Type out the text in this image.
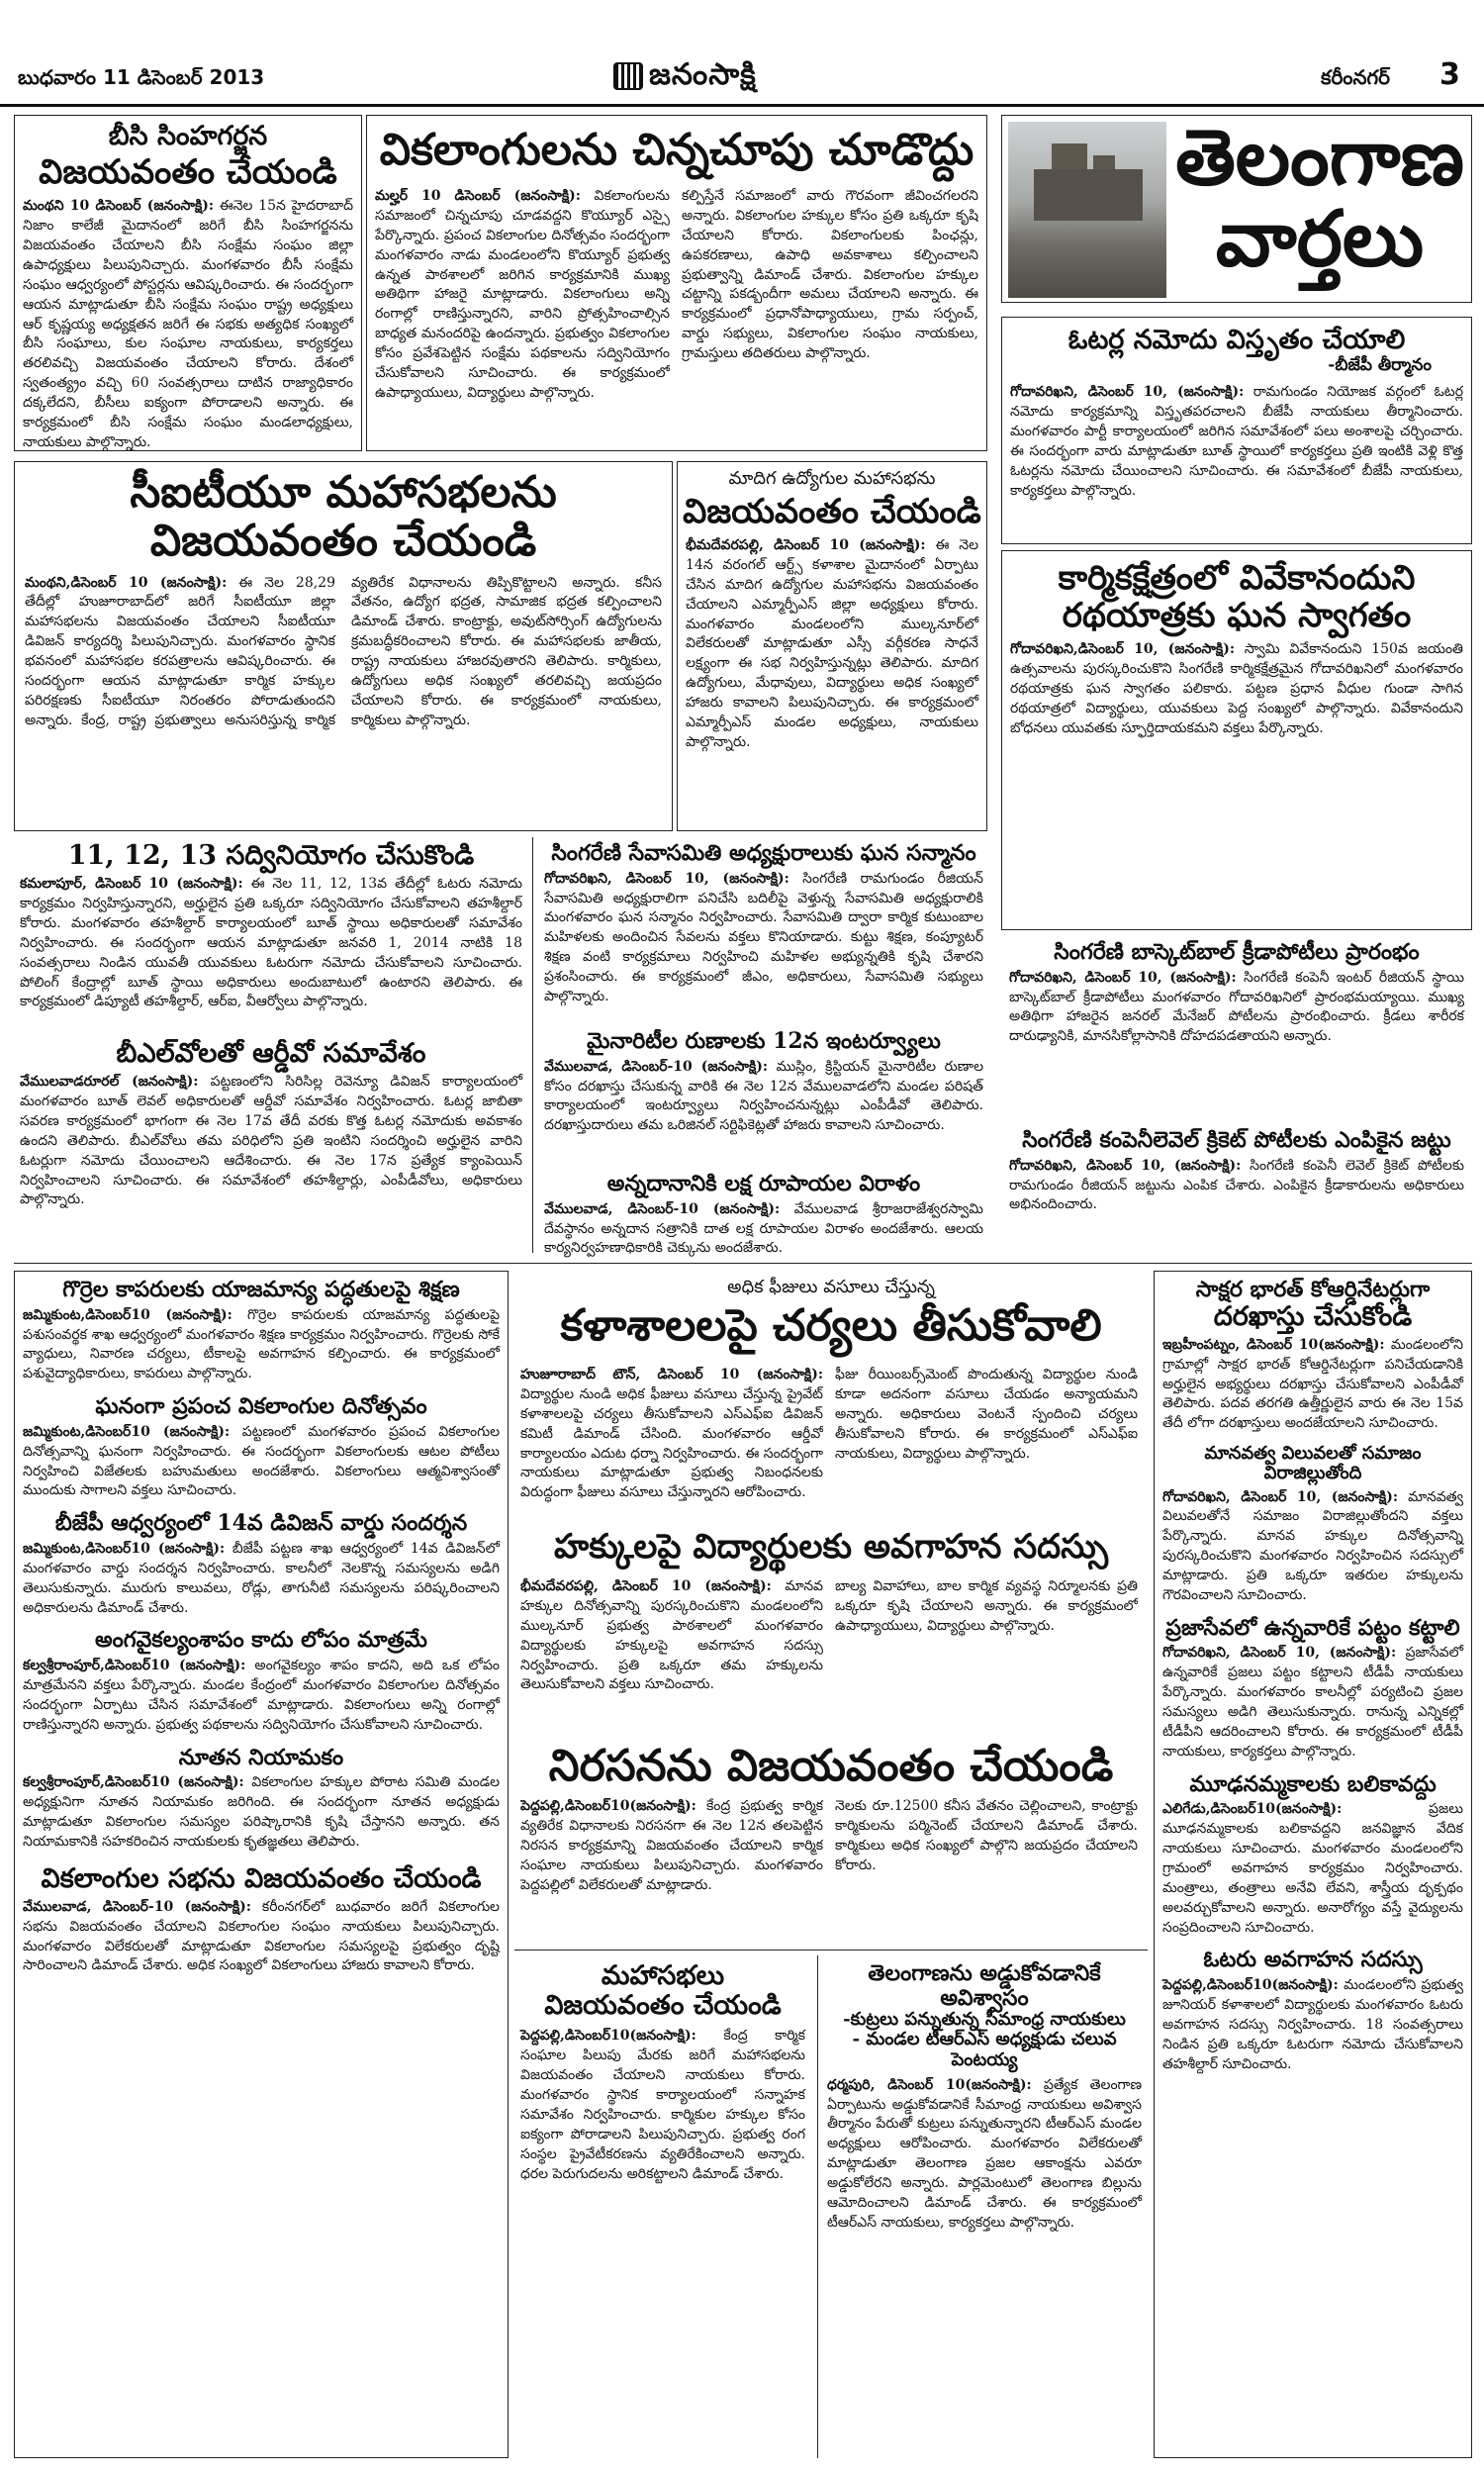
బుధవారం 11 డిసెంబర్ 2013	జనంసాక్షి	కరీంనగర్ 3
బీసి సింహగర్జన
విజయవంతం చేయండి
మంథని 10 డిసెంబర్ (జనంసాక్షి): ఈనెల 15న హైదరాబాద్ నిజాం కాలేజీ మైదానంలో జరిగే బీసి సింహగర్జనను విజయవంతం చేయాలని బీసి సంక్షేమ సంఘం జిల్లా ఉపాధ్యక్షులు పిలుపునిచ్చారు. మంగళవారం బీసీ సంక్షేమ సంఘం ఆధ్వర్యంలో పోస్టర్లను ఆవిష్కరించారు. ఈ సందర్భంగా ఆయన మాట్లాడుతూ బీసి సంక్షేమ సంఘం రాష్ట్ర అధ్యక్షులు ఆర్ కృష్ణయ్య అధ్యక్షతన జరిగే ఈ సభకు అత్యధిక సంఖ్యలో బీసి సంఘాలు, కుల సంఘాల నాయకులు, కార్యకర్తలు తరలివచ్చి విజయవంతం చేయాలని కోరారు. దేశంలో స్వతంత్య్రం వచ్చి 60 సంవత్సరాలు దాటిన రాజ్యాధికారం దక్కలేదని, బీసీలు ఐక్యంగా పోరాడాలని అన్నారు. ఈ కార్యక్రమంలో బీసి సంక్షేమ సంఘం మండలాధ్యక్షులు, నాయకులు పాల్గొన్నారు.
వికలాంగులను చిన్నచూపు చూడొద్దు
మల్హర్ 10 డిసెంబర్ (జనంసాక్షి): వికలాంగులను సమాజంలో చిన్నచూపు చూడవద్దని కొయ్యూర్ ఎస్సై పేర్కొన్నారు. ప్రపంచ వికలాంగుల దినోత్సవం సందర్భంగా మంగళవారం నాడు మండలంలోని కొయ్యూర్ ప్రభుత్వ ఉన్నత పాఠశాలలో జరిగిన కార్యక్రమానికి ముఖ్య అతిథిగా హాజరై మాట్లాడారు. వికలాంగులు అన్ని రంగాల్లో రాణిస్తున్నారని, వారిని ప్రోత్సహించాల్సిన బాధ్యత మనందరిపై ఉందన్నారు. ప్రభుత్వం వికలాంగుల కోసం ప్రవేశపెట్టిన సంక్షేమ పథకాలను సద్వినియోగం చేసుకోవాలని సూచించారు. ఈ కార్యక్రమంలో ఉపాధ్యాయులు, విద్యార్థులు పాల్గొన్నారు.
కల్పిస్తేనే సమాజంలో వారు గౌరవంగా జీవించగలరని అన్నారు. వికలాంగుల హక్కుల కోసం ప్రతి ఒక్కరూ కృషి చేయాలని కోరారు. వికలాంగులకు పింఛన్లు, ఉపకరణాలు, ఉపాధి అవకాశాలు కల్పించాలని ప్రభుత్వాన్ని డిమాండ్ చేశారు. వికలాంగుల హక్కుల చట్టాన్ని పకడ్బందీగా అమలు చేయాలని అన్నారు. ఈ కార్యక్రమంలో ప్రధానోపాధ్యాయులు, గ్రామ సర్పంచ్, వార్డు సభ్యులు, వికలాంగుల సంఘం నాయకులు, గ్రామస్తులు తదితరులు పాల్గొన్నారు.
తెలంగాణ
వార్తలు
ఓటర్ల నమోదు విస్తృతం చేయాలి
-బీజేపీ తీర్మానం
గోదావరిఖని, డిసెంబర్ 10, (జనంసాక్షి): రామగుండం నియోజక వర్గంలో ఓటర్ల నమోదు కార్యక్రమాన్ని విస్తృతపరచాలని బీజేపీ నాయకులు తీర్మానించారు. మంగళవారం పార్టీ కార్యాలయంలో జరిగిన సమావేశంలో పలు అంశాలపై చర్చించారు. ఈ సందర్భంగా వారు మాట్లాడుతూ బూత్ స్థాయిలో కార్యకర్తలు ప్రతి ఇంటికి వెళ్లి కొత్త ఓటర్లను నమోదు చేయించాలని సూచించారు. ఈ సమావేశంలో బీజేపీ నాయకులు, కార్యకర్తలు పాల్గొన్నారు.
సీఐటీయూ మహాసభలను విజయవంతం చేయండి
మంథని,డిసెంబర్ 10 (జనంసాక్షి): ఈ నెల 28,29 తేదీల్లో హుజూరాబాద్‌లో జరిగే సీఐటీయూ జిల్లా మహాసభలను విజయవంతం చేయాలని సీఐటీయూ డివిజన్ కార్యదర్శి పిలుపునిచ్చారు. మంగళవారం స్థానిక భవనంలో మహాసభల కరపత్రాలను ఆవిష్కరించారు. ఈ సందర్భంగా ఆయన మాట్లాడుతూ కార్మిక హక్కుల పరిరక్షణకు సీఐటీయూ నిరంతరం పోరాడుతుందని అన్నారు. కేంద్ర, రాష్ట్ర ప్రభుత్వాలు అనుసరిస్తున్న కార్మిక వ్యతిరేక విధానాలను తిప్పికొట్టాలని అన్నారు. కనీస వేతనం, ఉద్యోగ భద్రత, సామాజిక భద్రత కల్పించాలని డిమాండ్ చేశారు. కాంట్రాక్టు, అవుట్‌సోర్సింగ్ ఉద్యోగులను క్రమబద్ధీకరించాలని కోరారు. ఈ మహాసభలకు జాతీయ, రాష్ట్ర నాయకులు హాజరవుతారని తెలిపారు. కార్మికులు, ఉద్యోగులు అధిక సంఖ్యలో తరలివచ్చి జయప్రదం చేయాలని కోరారు. ఈ కార్యక్రమంలో నాయకులు, కార్మికులు పాల్గొన్నారు.
మాదిగ ఉద్యోగుల మహాసభను
విజయవంతం చేయండి
భీమదేవరపల్లి, డిసెంబర్ 10 (జనంసాక్షి): ఈ నెల 14న వరంగల్ ఆర్ట్స్ కళాశాల మైదానంలో ఏర్పాటు చేసిన మాదిగ ఉద్యోగుల మహాసభను విజయవంతం చేయాలని ఎమ్మార్పీఎస్ జిల్లా అధ్యక్షులు కోరారు. మంగళవారం మండలంలోని ముల్కనూర్‌లో విలేకరులతో మాట్లాడుతూ ఎస్సీ వర్గీకరణ సాధనే లక్ష్యంగా ఈ సభ నిర్వహిస్తున్నట్లు తెలిపారు. మాదిగ ఉద్యోగులు, మేధావులు, విద్యార్థులు అధిక సంఖ్యలో హాజరు కావాలని పిలుపునిచ్చారు. ఈ కార్యక్రమంలో ఎమ్మార్పీఎస్ మండల అధ్యక్షులు, నాయకులు పాల్గొన్నారు.
కార్మికక్షేత్రంలో వివేకానందుని రథయాత్రకు ఘన స్వాగతం
గోదావరిఖని,డిసెంబర్ 10, (జనంసాక్షి): స్వామి వివేకానందుని 150వ జయంతి ఉత్సవాలను పురస్కరించుకొని సింగరేణి కార్మికక్షేత్రమైన గోదావరిఖనిలో మంగళవారం రథయాత్రకు ఘన స్వాగతం పలికారు. పట్టణ ప్రధాన వీధుల గుండా సాగిన రథయాత్రలో విద్యార్థులు, యువకులు పెద్ద సంఖ్యలో పాల్గొన్నారు. వివేకానందుని బోధనలు యువతకు స్ఫూర్తిదాయకమని వక్తలు పేర్కొన్నారు.
11, 12, 13 సద్వినియోగం చేసుకొండి
కమలాపూర్, డిసెంబర్ 10 (జనంసాక్షి): ఈ నెల 11, 12, 13వ తేదీల్లో ఓటరు నమోదు కార్యక్రమం నిర్వహిస్తున్నారని, అర్హులైన ప్రతి ఒక్కరూ సద్వినియోగం చేసుకోవాలని తహశీల్దార్ కోరారు. మంగళవారం తహశీల్దార్ కార్యాలయంలో బూత్ స్థాయి అధికారులతో సమావేశం నిర్వహించారు. ఈ సందర్భంగా ఆయన మాట్లాడుతూ జనవరి 1, 2014 నాటికి 18 సంవత్సరాలు నిండిన యువతీ యువకులు ఓటరుగా నమోదు చేసుకోవాలని సూచించారు. పోలింగ్ కేంద్రాల్లో బూత్ స్థాయి అధికారులు అందుబాటులో ఉంటారని తెలిపారు. ఈ కార్యక్రమంలో డిప్యూటీ తహశీల్దార్, ఆర్ఐ, వీఆర్వోలు పాల్గొన్నారు.
బీఎల్‌వోలతో ఆర్డీవో సమావేశం
వేములవాడరూరల్ (జనంసాక్షి): పట్టణంలోని సిరిసిల్ల రెవెన్యూ డివిజన్ కార్యాలయంలో మంగళవారం బూత్ లెవల్ అధికారులతో ఆర్డీవో సమావేశం నిర్వహించారు. ఓటర్ల జాబితా సవరణ కార్యక్రమంలో భాగంగా ఈ నెల 17వ తేదీ వరకు కొత్త ఓటర్ల నమోదుకు అవకాశం ఉందని తెలిపారు. బీఎల్‌వోలు తమ పరిధిలోని ప్రతి ఇంటిని సందర్శించి అర్హులైన వారిని ఓటర్లుగా నమోదు చేయించాలని ఆదేశించారు. ఈ నెల 17న ప్రత్యేక క్యాంపెయిన్ నిర్వహించాలని సూచించారు. ఈ సమావేశంలో తహశీల్దార్లు, ఎంపీడీవోలు, అధికారులు పాల్గొన్నారు.
సింగరేణి సేవాసమితి అధ్యక్షురాలుకు ఘన సన్మానం
గోదావరిఖని, డిసెంబర్ 10, (జనంసాక్షి): సింగరేణి రామగుండం రీజియన్ సేవాసమితి అధ్యక్షురాలిగా పనిచేసి బదిలీపై వెళ్తున్న సేవాసమితి అధ్యక్షురాలికి మంగళవారం ఘన సన్మానం నిర్వహించారు. సేవాసమితి ద్వారా కార్మిక కుటుంబాల మహిళలకు అందించిన సేవలను వక్తలు కొనియాడారు. కుట్టు శిక్షణ, కంప్యూటర్ శిక్షణ వంటి కార్యక్రమాలు నిర్వహించి మహిళల అభ్యున్నతికి కృషి చేశారని ప్రశంసించారు. ఈ కార్యక్రమంలో జీఎం, అధికారులు, సేవాసమితి సభ్యులు పాల్గొన్నారు.
మైనారిటీల రుణాలకు 12న ఇంటర్వ్యూలు
వేములవాడ, డిసెంబర్-10 (జనంసాక్షి): ముస్లిం, క్రిస్టియన్ మైనారిటీల రుణాల కోసం దరఖాస్తు చేసుకున్న వారికి ఈ నెల 12న వేములవాడలోని మండల పరిషత్ కార్యాలయంలో ఇంటర్వ్యూలు నిర్వహించనున్నట్లు ఎంపీడీవో తెలిపారు. దరఖాస్తుదారులు తమ ఒరిజినల్ సర్టిఫికెట్లతో హాజరు కావాలని సూచించారు.
అన్నదానానికి లక్ష రూపాయల విరాళం
వేములవాడ, డిసెంబర్-10 (జనంసాక్షి): వేములవాడ శ్రీరాజరాజేశ్వరస్వామి దేవస్థానం అన్నదాన సత్రానికి దాత లక్ష రూపాయల విరాళం అందజేశారు. ఆలయ కార్యనిర్వహణాధికారికి చెక్కును అందజేశారు.
సింగరేణి బాస్కెట్‌బాల్ క్రీడాపోటీలు ప్రారంభం
గోదావరిఖని, డిసెంబర్ 10, (జనంసాక్షి): సింగరేణి కంపెనీ ఇంటర్ రీజియన్ స్థాయి బాస్కెట్‌బాల్ క్రీడాపోటీలు మంగళవారం గోదావరిఖనిలో ప్రారంభమయ్యాయి. ముఖ్య అతిథిగా హాజరైన జనరల్ మేనేజర్ పోటీలను ప్రారంభించారు. క్రీడలు శారీరక దారుఢ్యానికి, మానసికోల్లాసానికి దోహదపడతాయని అన్నారు.
సింగరేణి కంపెనీలెవెల్ క్రికెట్ పోటీలకు ఎంపికైన జట్టు
గోదావరిఖని, డిసెంబర్ 10, (జనంసాక్షి): సింగరేణి కంపెనీ లెవెల్ క్రికెట్ పోటీలకు రామగుండం రీజియన్ జట్టును ఎంపిక చేశారు. ఎంపికైన క్రీడాకారులను అధికారులు అభినందించారు.
గొర్రెల కాపరులకు యాజమాన్య పద్ధతులపై శిక్షణ
జమ్మికుంట,డిసెంబర్10 (జనంసాక్షి): గొర్రెల కాపరులకు యాజమాన్య పద్ధతులపై పశుసంవర్థక శాఖ ఆధ్వర్యంలో మంగళవారం శిక్షణ కార్యక్రమం నిర్వహించారు. గొర్రెలకు సోకే వ్యాధులు, నివారణ చర్యలు, టీకాలపై అవగాహన కల్పించారు. ఈ కార్యక్రమంలో పశువైద్యాధికారులు, కాపరులు పాల్గొన్నారు.
ఘనంగా ప్రపంచ వికలాంగుల దినోత్సవం
జమ్మికుంట,డిసెంబర్10 (జనంసాక్షి): పట్టణంలో మంగళవారం ప్రపంచ వికలాంగుల దినోత్సవాన్ని ఘనంగా నిర్వహించారు. ఈ సందర్భంగా వికలాంగులకు ఆటల పోటీలు నిర్వహించి విజేతలకు బహుమతులు అందజేశారు. వికలాంగులు ఆత్మవిశ్వాసంతో ముందుకు సాగాలని వక్తలు సూచించారు.
బీజేపీ ఆధ్వర్యంలో 14వ డివిజన్ వార్డు సందర్శన
జమ్మికుంట,డిసెంబర్10 (జనంసాక్షి): బీజేపీ పట్టణ శాఖ ఆధ్వర్యంలో 14వ డివిజన్‌లో మంగళవారం వార్డు సందర్శన నిర్వహించారు. కాలనీలో నెలకొన్న సమస్యలను అడిగి తెలుసుకున్నారు. మురుగు కాలువలు, రోడ్లు, తాగునీటి సమస్యలను పరిష్కరించాలని అధికారులను డిమాండ్ చేశారు.
అంగవైకల్యంశాపం కాదు లోపం మాత్రమే
కల్వశ్రీరాంపూర్,డిసెంబర్10 (జనంసాక్షి): అంగవైకల్యం శాపం కాదని, అది ఒక లోపం మాత్రమేనని వక్తలు పేర్కొన్నారు. మండల కేంద్రంలో మంగళవారం వికలాంగుల దినోత్సవం సందర్భంగా ఏర్పాటు చేసిన సమావేశంలో మాట్లాడారు. వికలాంగులు అన్ని రంగాల్లో రాణిస్తున్నారని అన్నారు. ప్రభుత్వ పథకాలను సద్వినియోగం చేసుకోవాలని సూచించారు.
నూతన నియామకం
కల్వశ్రీరాంపూర్,డిసెంబర్10 (జనంసాక్షి): వికలాంగుల హక్కుల పోరాట సమితి మండల అధ్యక్షునిగా నూతన నియామకం జరిగింది. ఈ సందర్భంగా నూతన అధ్యక్షుడు మాట్లాడుతూ వికలాంగుల సమస్యల పరిష్కారానికి కృషి చేస్తానని అన్నారు. తన నియామకానికి సహకరించిన నాయకులకు కృతజ్ఞతలు తెలిపారు.
వికలాంగుల సభను విజయవంతం చేయండి
వేములవాడ, డిసెంబర్-10 (జనంసాక్షి): కరీంనగర్‌లో బుధవారం జరిగే వికలాంగుల సభను విజయవంతం చేయాలని వికలాంగుల సంఘం నాయకులు పిలుపునిచ్చారు. మంగళవారం విలేకరులతో మాట్లాడుతూ వికలాంగుల సమస్యలపై ప్రభుత్వం దృష్టి సారించాలని డిమాండ్ చేశారు. అధిక సంఖ్యలో వికలాంగులు హాజరు కావాలని కోరారు.
అధిక ఫీజులు వసూలు చేస్తున్న
కళాశాలలపై చర్యలు తీసుకోవాలి
హుజూరాబాద్ టౌన్, డిసెంబర్ 10 (జనంసాక్షి): విద్యార్థుల నుండి అధిక ఫీజులు వసూలు చేస్తున్న ప్రైవేట్ కళాశాలలపై చర్యలు తీసుకోవాలని ఎస్ఎఫ్ఐ డివిజన్ కమిటీ డిమాండ్ చేసింది. మంగళవారం ఆర్డీవో కార్యాలయం ఎదుట ధర్నా నిర్వహించారు. ఈ సందర్భంగా నాయకులు మాట్లాడుతూ ప్రభుత్వ నిబంధనలకు విరుద్ధంగా ఫీజులు వసూలు చేస్తున్నారని ఆరోపించారు.
ఫీజు రీయింబర్స్‌మెంట్ పొందుతున్న విద్యార్థుల నుండి కూడా అదనంగా వసూలు చేయడం అన్యాయమని అన్నారు. అధికారులు వెంటనే స్పందించి చర్యలు తీసుకోవాలని కోరారు. ఈ కార్యక్రమంలో ఎస్ఎఫ్ఐ నాయకులు, విద్యార్థులు పాల్గొన్నారు.
హక్కులపై విద్యార్థులకు అవగాహన సదస్సు
భీమదేవరపల్లి, డిసెంబర్ 10 (జనంసాక్షి): మానవ హక్కుల దినోత్సవాన్ని పురస్కరించుకొని మండలంలోని ముల్కనూర్ ప్రభుత్వ పాఠశాలలో మంగళవారం విద్యార్థులకు హక్కులపై అవగాహన సదస్సు నిర్వహించారు. ప్రతి ఒక్కరూ తమ హక్కులను తెలుసుకోవాలని వక్తలు సూచించారు.
బాల్య వివాహాలు, బాల కార్మిక వ్యవస్థ నిర్మూలనకు ప్రతి ఒక్కరూ కృషి చేయాలని అన్నారు. ఈ కార్యక్రమంలో ఉపాధ్యాయులు, విద్యార్థులు పాల్గొన్నారు.
నిరసనను విజయవంతం చేయండి
పెద్దపల్లి,డిసెంబర్10(జనంసాక్షి): కేంద్ర ప్రభుత్వ కార్మిక వ్యతిరేక విధానాలకు నిరసనగా ఈ నెల 12న తలపెట్టిన నిరసన కార్యక్రమాన్ని విజయవంతం చేయాలని కార్మిక సంఘాల నాయకులు పిలుపునిచ్చారు. మంగళవారం పెద్దపల్లిలో విలేకరులతో మాట్లాడారు.
నెలకు రూ.12500 కనీస వేతనం చెల్లించాలని, కాంట్రాక్టు కార్మికులను పర్మినెంట్ చేయాలని డిమాండ్ చేశారు. కార్మికులు అధిక సంఖ్యలో పాల్గొని జయప్రదం చేయాలని కోరారు.
మహాసభలు
విజయవంతం చేయండి
పెద్దపల్లి,డిసెంబర్10(జనంసాక్షి): కేంద్ర కార్మిక సంఘాల పిలుపు మేరకు జరిగే మహాసభలను విజయవంతం చేయాలని నాయకులు కోరారు. మంగళవారం స్థానిక కార్యాలయంలో సన్నాహక సమావేశం నిర్వహించారు. కార్మికుల హక్కుల కోసం ఐక్యంగా పోరాడాలని పిలుపునిచ్చారు. ప్రభుత్వ రంగ సంస్థల ప్రైవేటీకరణను వ్యతిరేకించాలని అన్నారు. ధరల పెరుగుదలను అరికట్టాలని డిమాండ్ చేశారు.
తెలంగాణను అడ్డుకోవడానికే అవిశ్వాసం
-కుట్రలు పన్నుతున్న సీమాంధ్ర నాయకులు
- మండల టీఆర్ఎస్ అధ్యక్షుడు చలువ పెంటయ్య
ధర్మపురి, డిసెంబర్ 10(జనంసాక్షి): ప్రత్యేక తెలంగాణ ఏర్పాటును అడ్డుకోవడానికే సీమాంధ్ర నాయకులు అవిశ్వాస తీర్మానం పేరుతో కుట్రలు పన్నుతున్నారని టీఆర్ఎస్ మండల అధ్యక్షులు ఆరోపించారు. మంగళవారం విలేకరులతో మాట్లాడుతూ తెలంగాణ ప్రజల ఆకాంక్షను ఎవరూ అడ్డుకోలేరని అన్నారు. పార్లమెంటులో తెలంగాణ బిల్లును ఆమోదించాలని డిమాండ్ చేశారు. ఈ కార్యక్రమంలో టీఆర్ఎస్ నాయకులు, కార్యకర్తలు పాల్గొన్నారు.
సాక్షర భారత్ కోఆర్డినేటర్లుగా
దరఖాస్తు చేసుకోండి
ఇబ్రహీంపట్నం, డిసెంబర్ 10(జనంసాక్షి): మండలంలోని గ్రామాల్లో సాక్షర భారత్ కోఆర్డినేటర్లుగా పనిచేయడానికి అర్హులైన అభ్యర్థులు దరఖాస్తు చేసుకోవాలని ఎంపీడీవో తెలిపారు. పదవ తరగతి ఉత్తీర్ణులైన వారు ఈ నెల 15వ తేదీ లోగా దరఖాస్తులు అందజేయాలని సూచించారు.
మానవత్వ విలువలతో సమాజం విరాజిల్లుతోంది
గోదావరిఖని, డిసెంబర్ 10, (జనంసాక్షి): మానవత్వ విలువలతోనే సమాజం విరాజిల్లుతోందని వక్తలు పేర్కొన్నారు. మానవ హక్కుల దినోత్సవాన్ని పురస్కరించుకొని మంగళవారం నిర్వహించిన సదస్సులో మాట్లాడారు. ప్రతి ఒక్కరూ ఇతరుల హక్కులను గౌరవించాలని సూచించారు.
ప్రజాసేవలో ఉన్నవారికే పట్టం కట్టాలి
గోదావరిఖని, డిసెంబర్ 10, (జనంసాక్షి): ప్రజాసేవలో ఉన్నవారికే ప్రజలు పట్టం కట్టాలని టీడీపీ నాయకులు పేర్కొన్నారు. మంగళవారం కాలనీల్లో పర్యటించి ప్రజల సమస్యలు అడిగి తెలుసుకున్నారు. రానున్న ఎన్నికల్లో టీడీపీని ఆదరించాలని కోరారు. ఈ కార్యక్రమంలో టీడీపీ నాయకులు, కార్యకర్తలు పాల్గొన్నారు.
మూఢనమ్మకాలకు బలికావద్దు
ఎలిగేడు,డిసెంబర్10(జనంసాక్షి):	ప్రజలు మూఢనమ్మకాలకు బలికావద్దని జనవిజ్ఞాన వేదిక నాయకులు సూచించారు. మంగళవారం మండలంలోని గ్రామంలో అవగాహన కార్యక్రమం నిర్వహించారు. మంత్రాలు, తంత్రాలు అనేవి లేవని, శాస్త్రీయ దృక్పథం అలవర్చుకోవాలని అన్నారు. అనారోగ్యం వస్తే వైద్యులను సంప్రదించాలని సూచించారు.
ఓటరు అవగాహన సదస్సు
పెద్దపల్లి,డిసెంబర్10(జనంసాక్షి): మండలంలోని ప్రభుత్వ జూనియర్ కళాశాలలో విద్యార్థులకు మంగళవారం ఓటరు అవగాహన సదస్సు నిర్వహించారు. 18 సంవత్సరాలు నిండిన ప్రతి ఒక్కరూ ఓటరుగా నమోదు చేసుకోవాలని తహశీల్దార్ సూచించారు.
